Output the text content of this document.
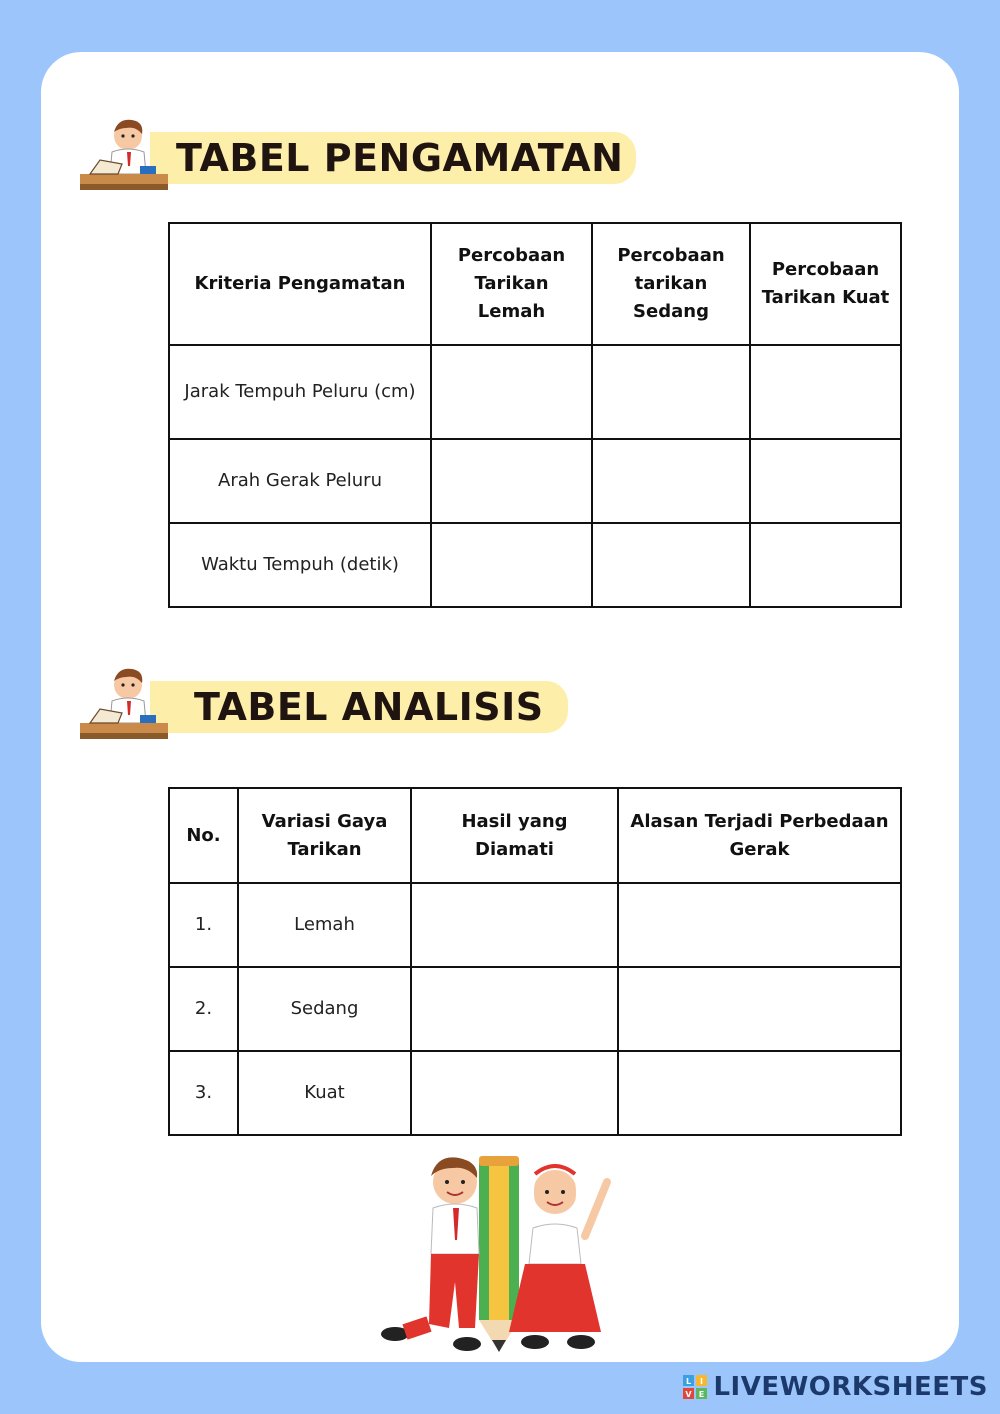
TABEL PENGAMATAN
Kriteria Pengamatan	Percobaan Tarikan Lemah	Percobaan tarikan Sedang	Percobaan Tarikan Kuat
Jarak Tempuh Peluru (cm)			
Arah Gerak Peluru			
Waktu Tempuh (detik)			
TABEL ANALISIS
No.	Variasi Gaya Tarikan	Hasil yang Diamati	Alasan Terjadi Perbedaan Gerak
1.	Lemah		
2.	Sedang		
3.	Kuat		
L I
V E LIVEWORKSHEETS
